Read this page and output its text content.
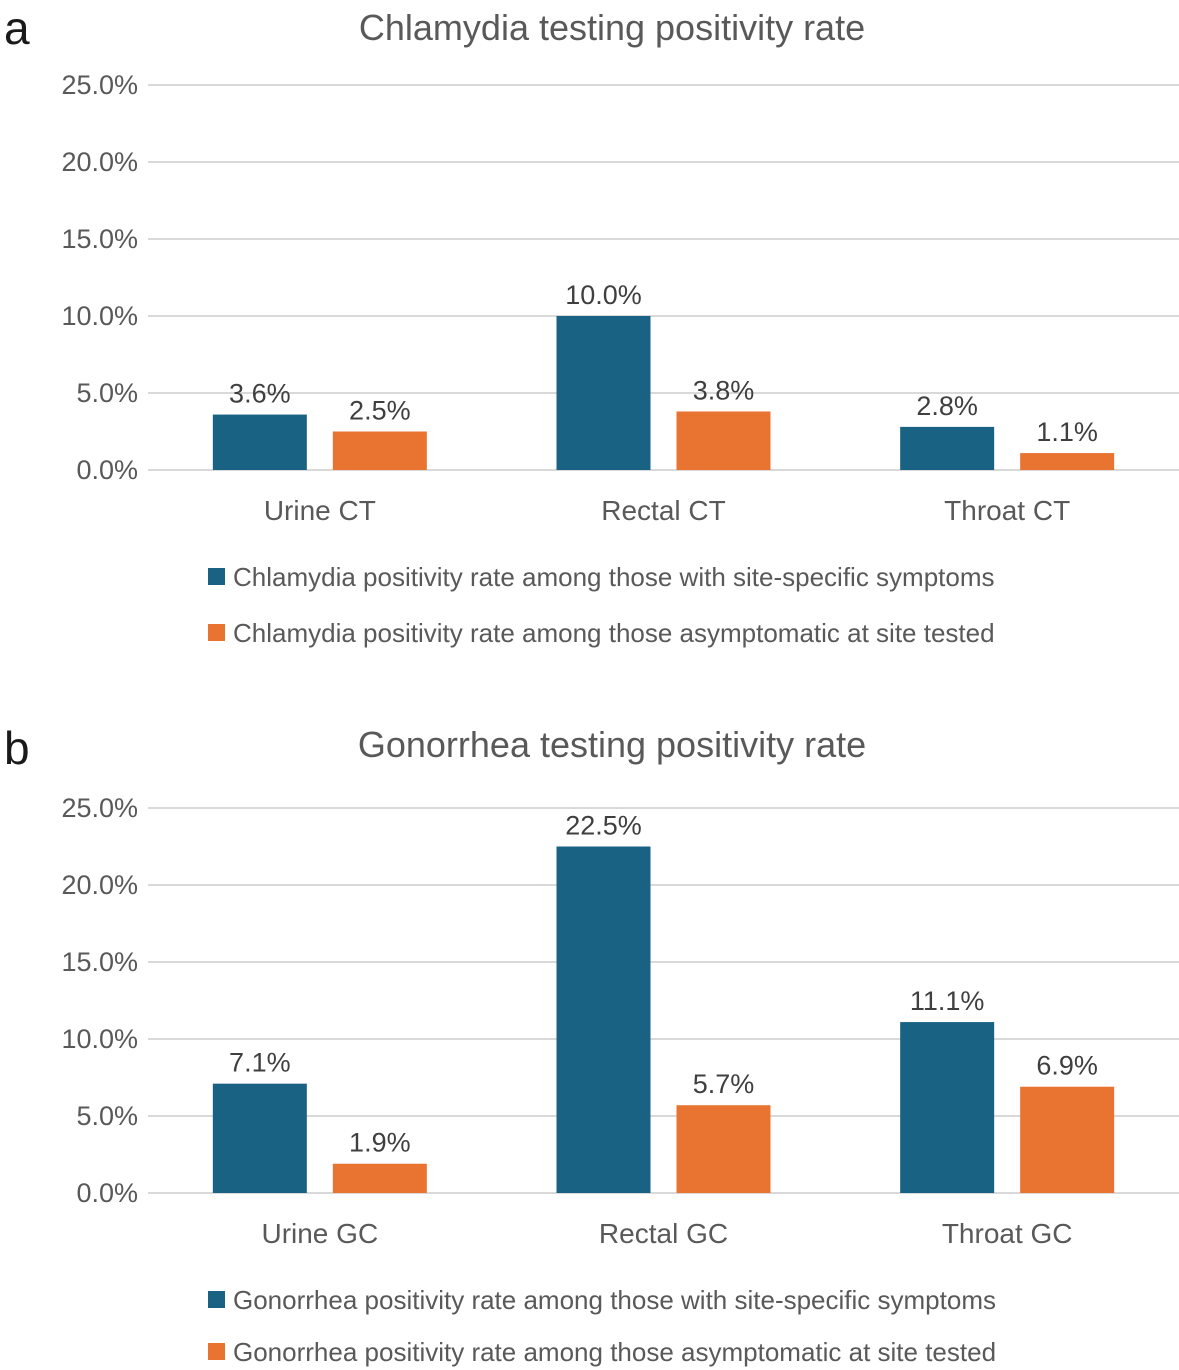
a	Chlamydia testing positivity rate
0.0%
5.0%
10.0%
15.0%
20.0%
25.0%
3.6%
2.5%
Urine CT
10.0%
3.8%
Rectal CT
2.8%
1.1%
Throat CT
Chlamydia positivity rate among those with site-specific symptoms
Chlamydia positivity rate among those asymptomatic at site tested
b	Gonorrhea testing positivity rate
0.0%
5.0%
10.0%
15.0%
20.0%
25.0%
7.1%
1.9%
Urine GC
22.5%
5.7%
Rectal GC
11.1%
6.9%
Throat GC
Gonorrhea positivity rate among those with site-specific symptoms
Gonorrhea positivity rate among those asymptomatic at site tested
